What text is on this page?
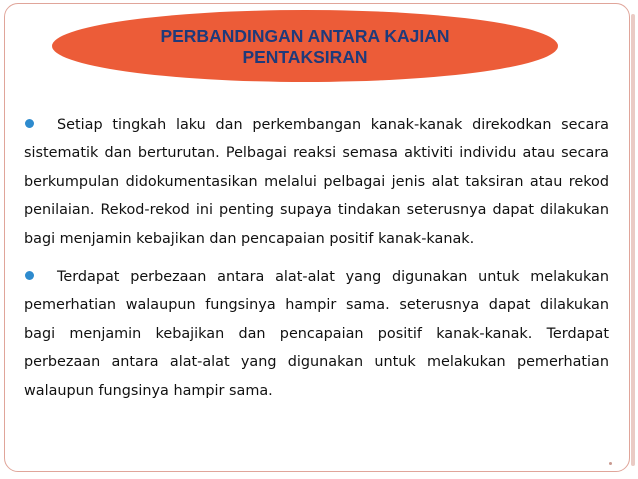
PERBANDINGAN ANTARA KAJIAN PENTAKSIRAN

Setiap tingkah laku dan perkembangan kanak-kanak direkodkan secara sistematik dan berturutan. Pelbagai reaksi semasa aktiviti individu atau secara berkumpulan didokumentasikan melalui pelbagai jenis alat taksiran atau rekod penilaian. Rekod-rekod ini penting supaya tindakan seterusnya dapat dilakukan bagi menjamin kebajikan dan pencapaian positif kanak-kanak.

Terdapat perbezaan antara alat-alat yang digunakan untuk melakukan pemerhatian walaupun fungsinya hampir sama. seterusnya dapat dilakukan bagi menjamin kebajikan dan pencapaian positif kanak-kanak. Terdapat perbezaan antara alat-alat yang digunakan untuk melakukan pemerhatian walaupun fungsinya hampir sama.
